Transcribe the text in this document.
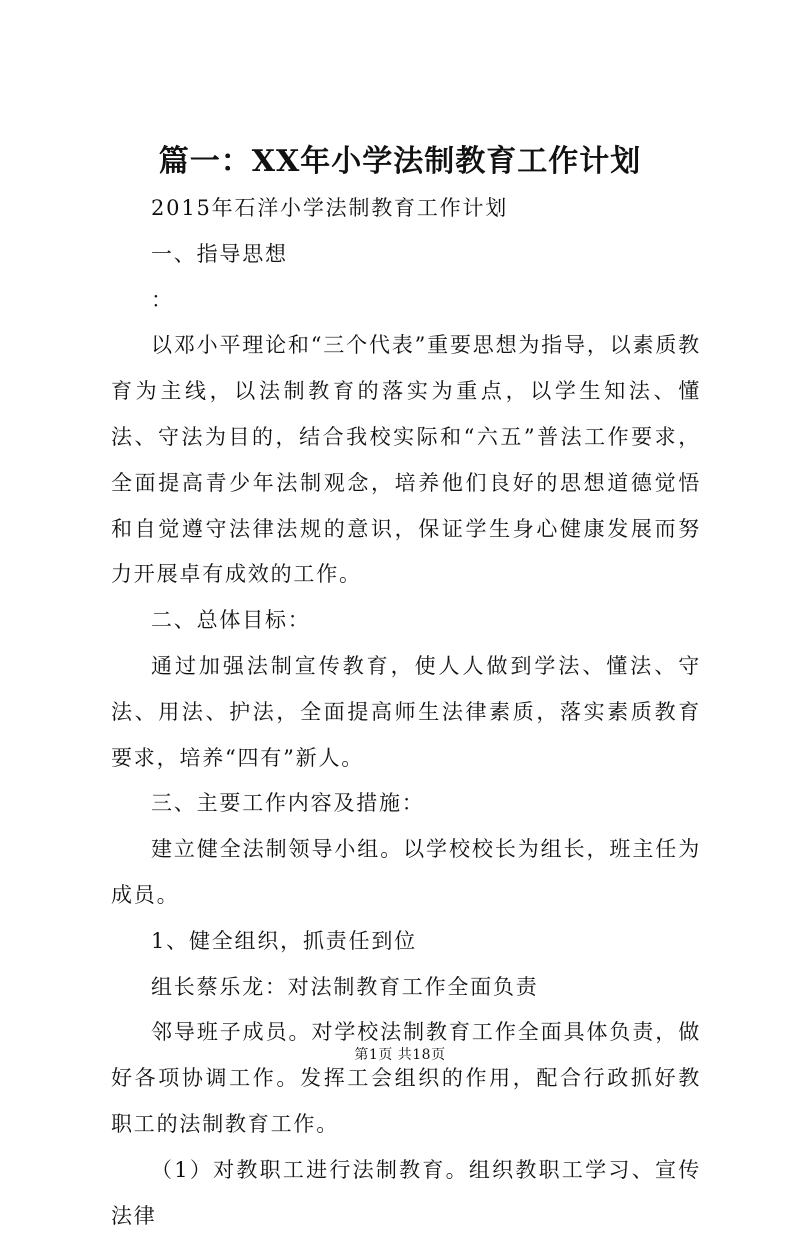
篇一：XX年小学法制教育工作计划

2015年石洋小学法制教育工作计划

一、指导思想

：

以邓小平理论和“三个代表”重要思想为指导，以素质教育为主线，以法制教育的落实为重点，以学生知法、懂法、守法为目的，结合我校实际和“六五”普法工作要求，全面提高青少年法制观念，培养他们良好的思想道德觉悟和自觉遵守法律法规的意识，保证学生身心健康发展而努力开展卓有成效的工作。

二、总体目标：

通过加强法制宣传教育，使人人做到学法、懂法、守法、用法、护法，全面提高师生法律素质，落实素质教育要求，培养“四有”新人。

三、主要工作内容及措施：

建立健全法制领导小组。以学校校长为组长，班主任为成员。

1、健全组织，抓责任到位

组长蔡乐龙：对法制教育工作全面负责

邻导班子成员。对学校法制教育工作全面具体负责，做好各项协调工作。发挥工会组织的作用，配合行政抓好教职工的法制教育工作。

（1）对教职工进行法制教育。组织教职工学习、宣传法律

第1页 共18页
